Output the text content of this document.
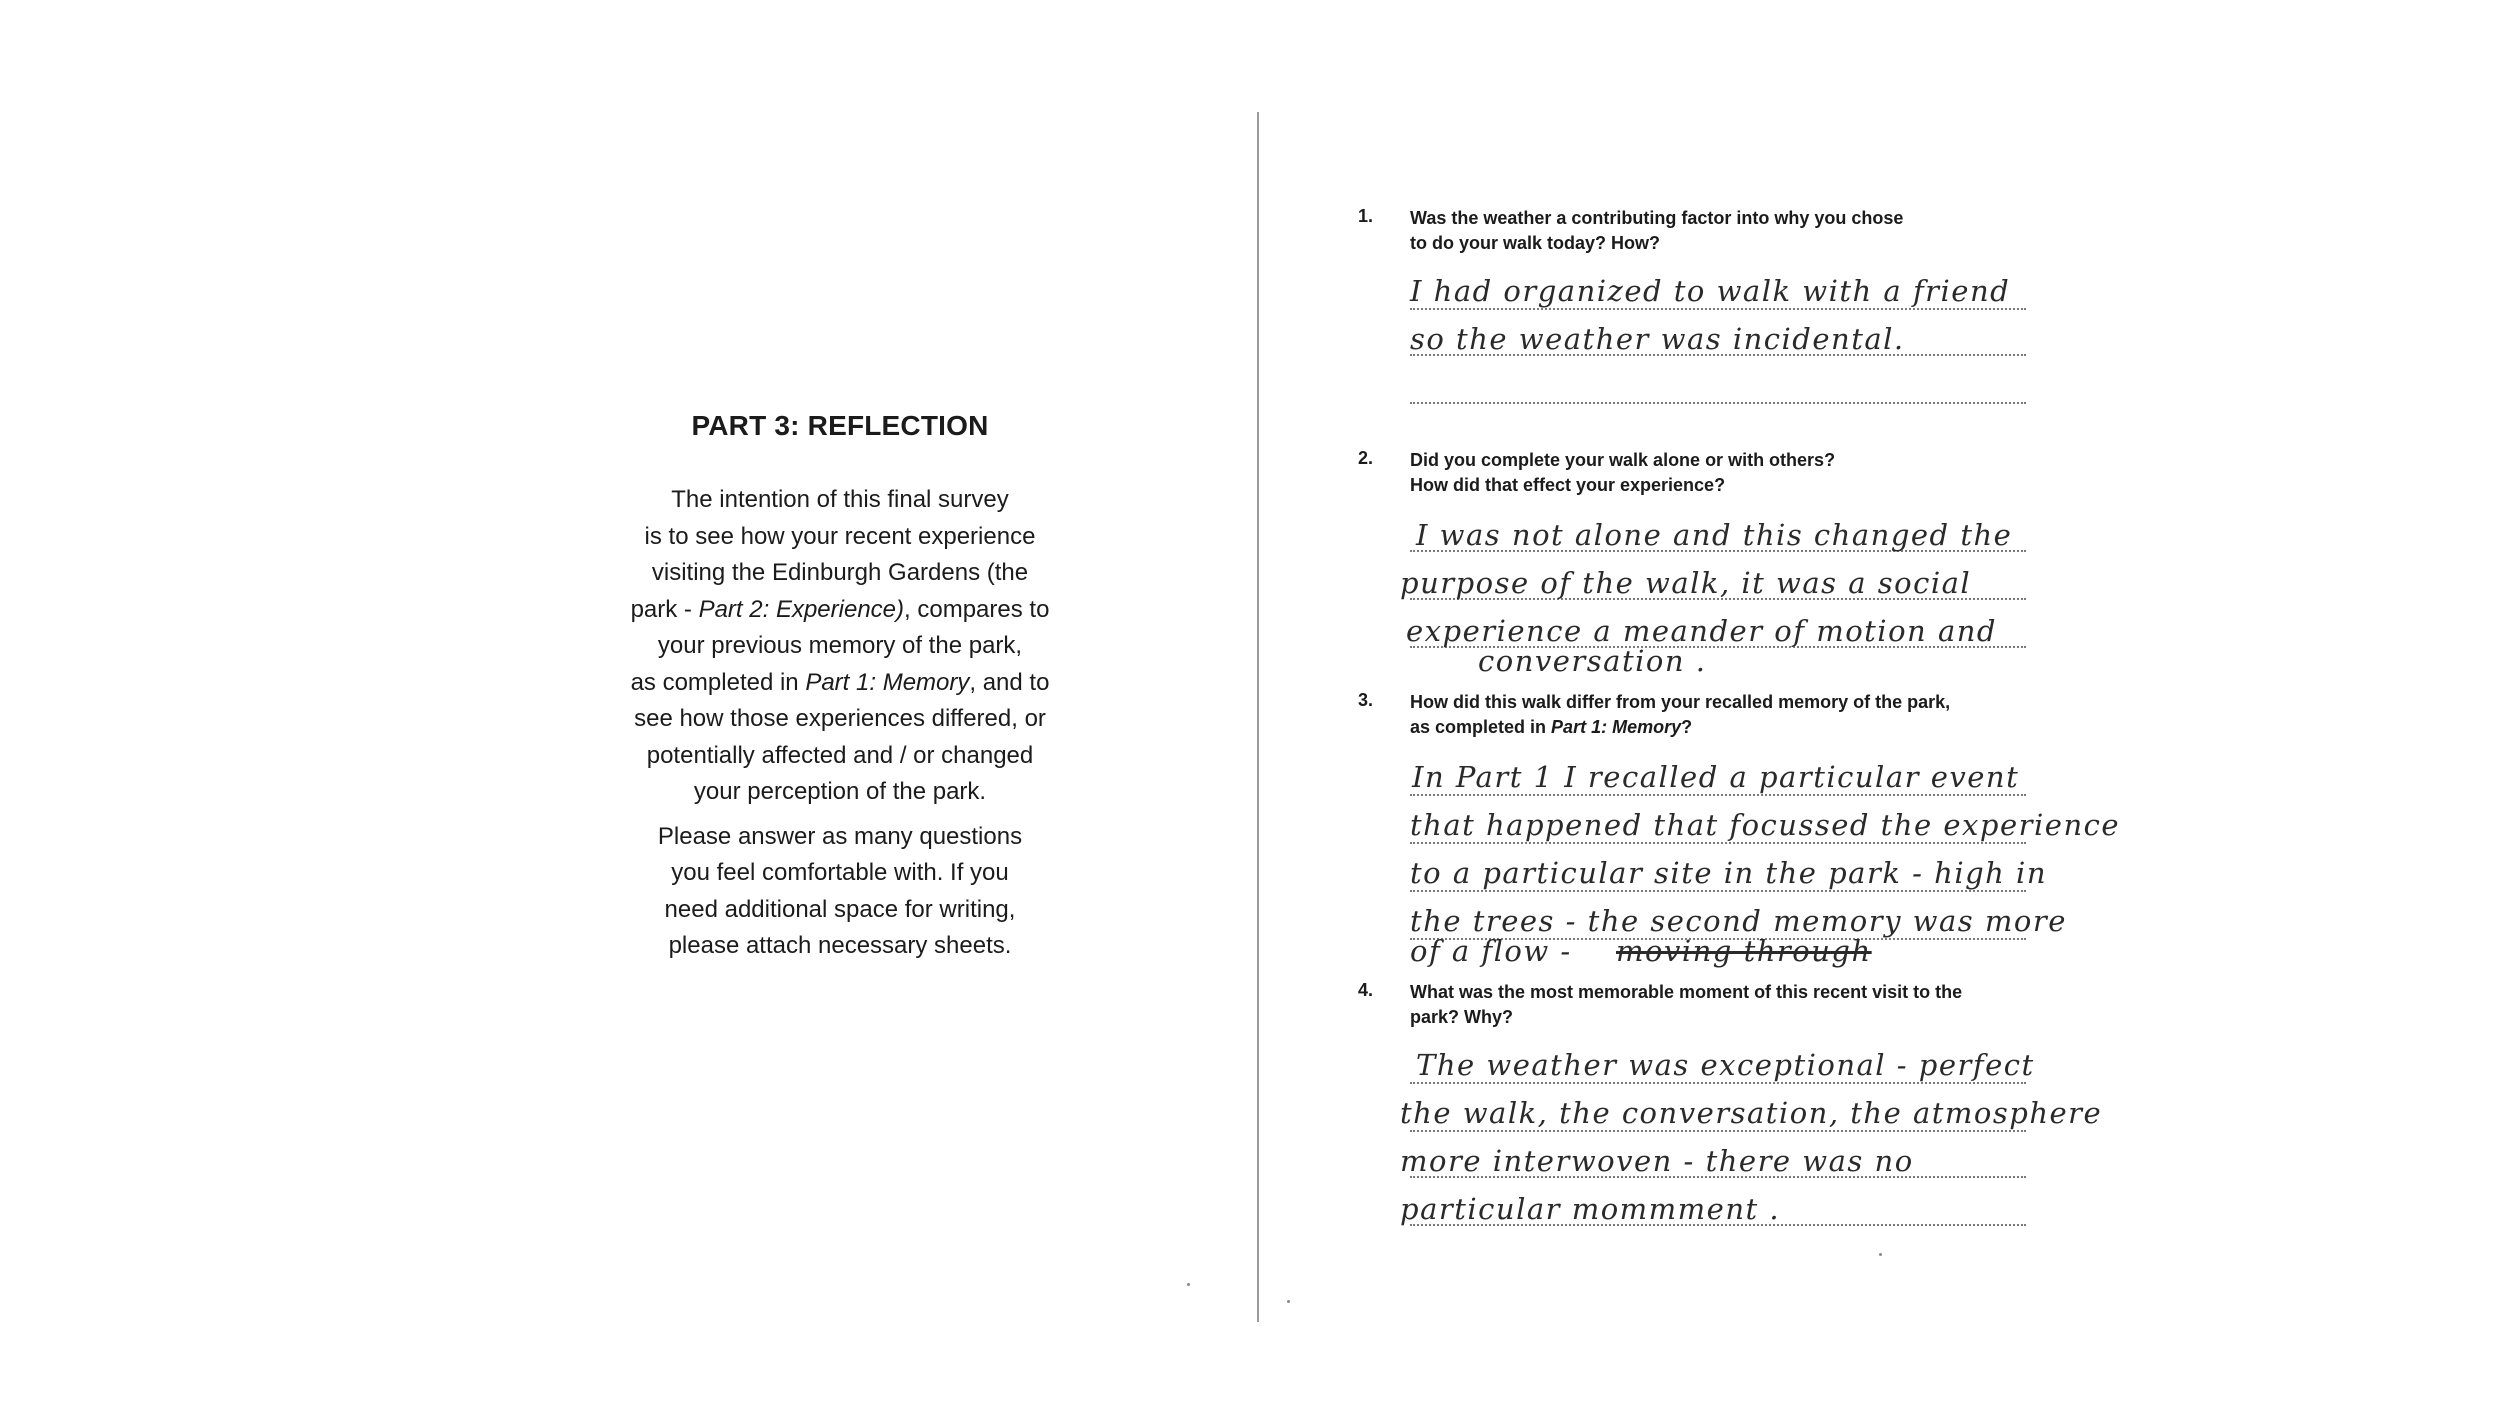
PART 3: REFLECTION

The intention of this final survey
is to see how your recent experience
visiting the Edinburgh Gardens (the
park - Part 2: Experience), compares to
your previous memory of the park,
as completed in Part 1: Memory, and to
see how those experiences differed, or
potentially affected and / or changed
your perception of the park.

Please answer as many questions
you feel comfortable with. If you
need additional space for writing,
please attach necessary sheets.

1. Was the weather a contributing factor into why you chose
to do your walk today? How?
I had organized to walk with a friend
so the weather was incidental.
2. Did you complete your walk alone or with others?
How did that effect your experience?
I was not alone and this changed the
purpose of the walk, it was a social
experience a meander of motion and
conversation .
3. How did this walk differ from your recalled memory of the park,
as completed in Part 1: Memory?
In Part 1 I recalled a particular event
that happened that focussed the experience
to a particular site in the park - high in
the trees - the second memory was more
of a flow - moving through
4. What was the most memorable moment of this recent visit to the
park? Why?
The weather was exceptional - perfect
the walk, the conversation, the atmosphere
more interwoven - there was no
particular mommment .
